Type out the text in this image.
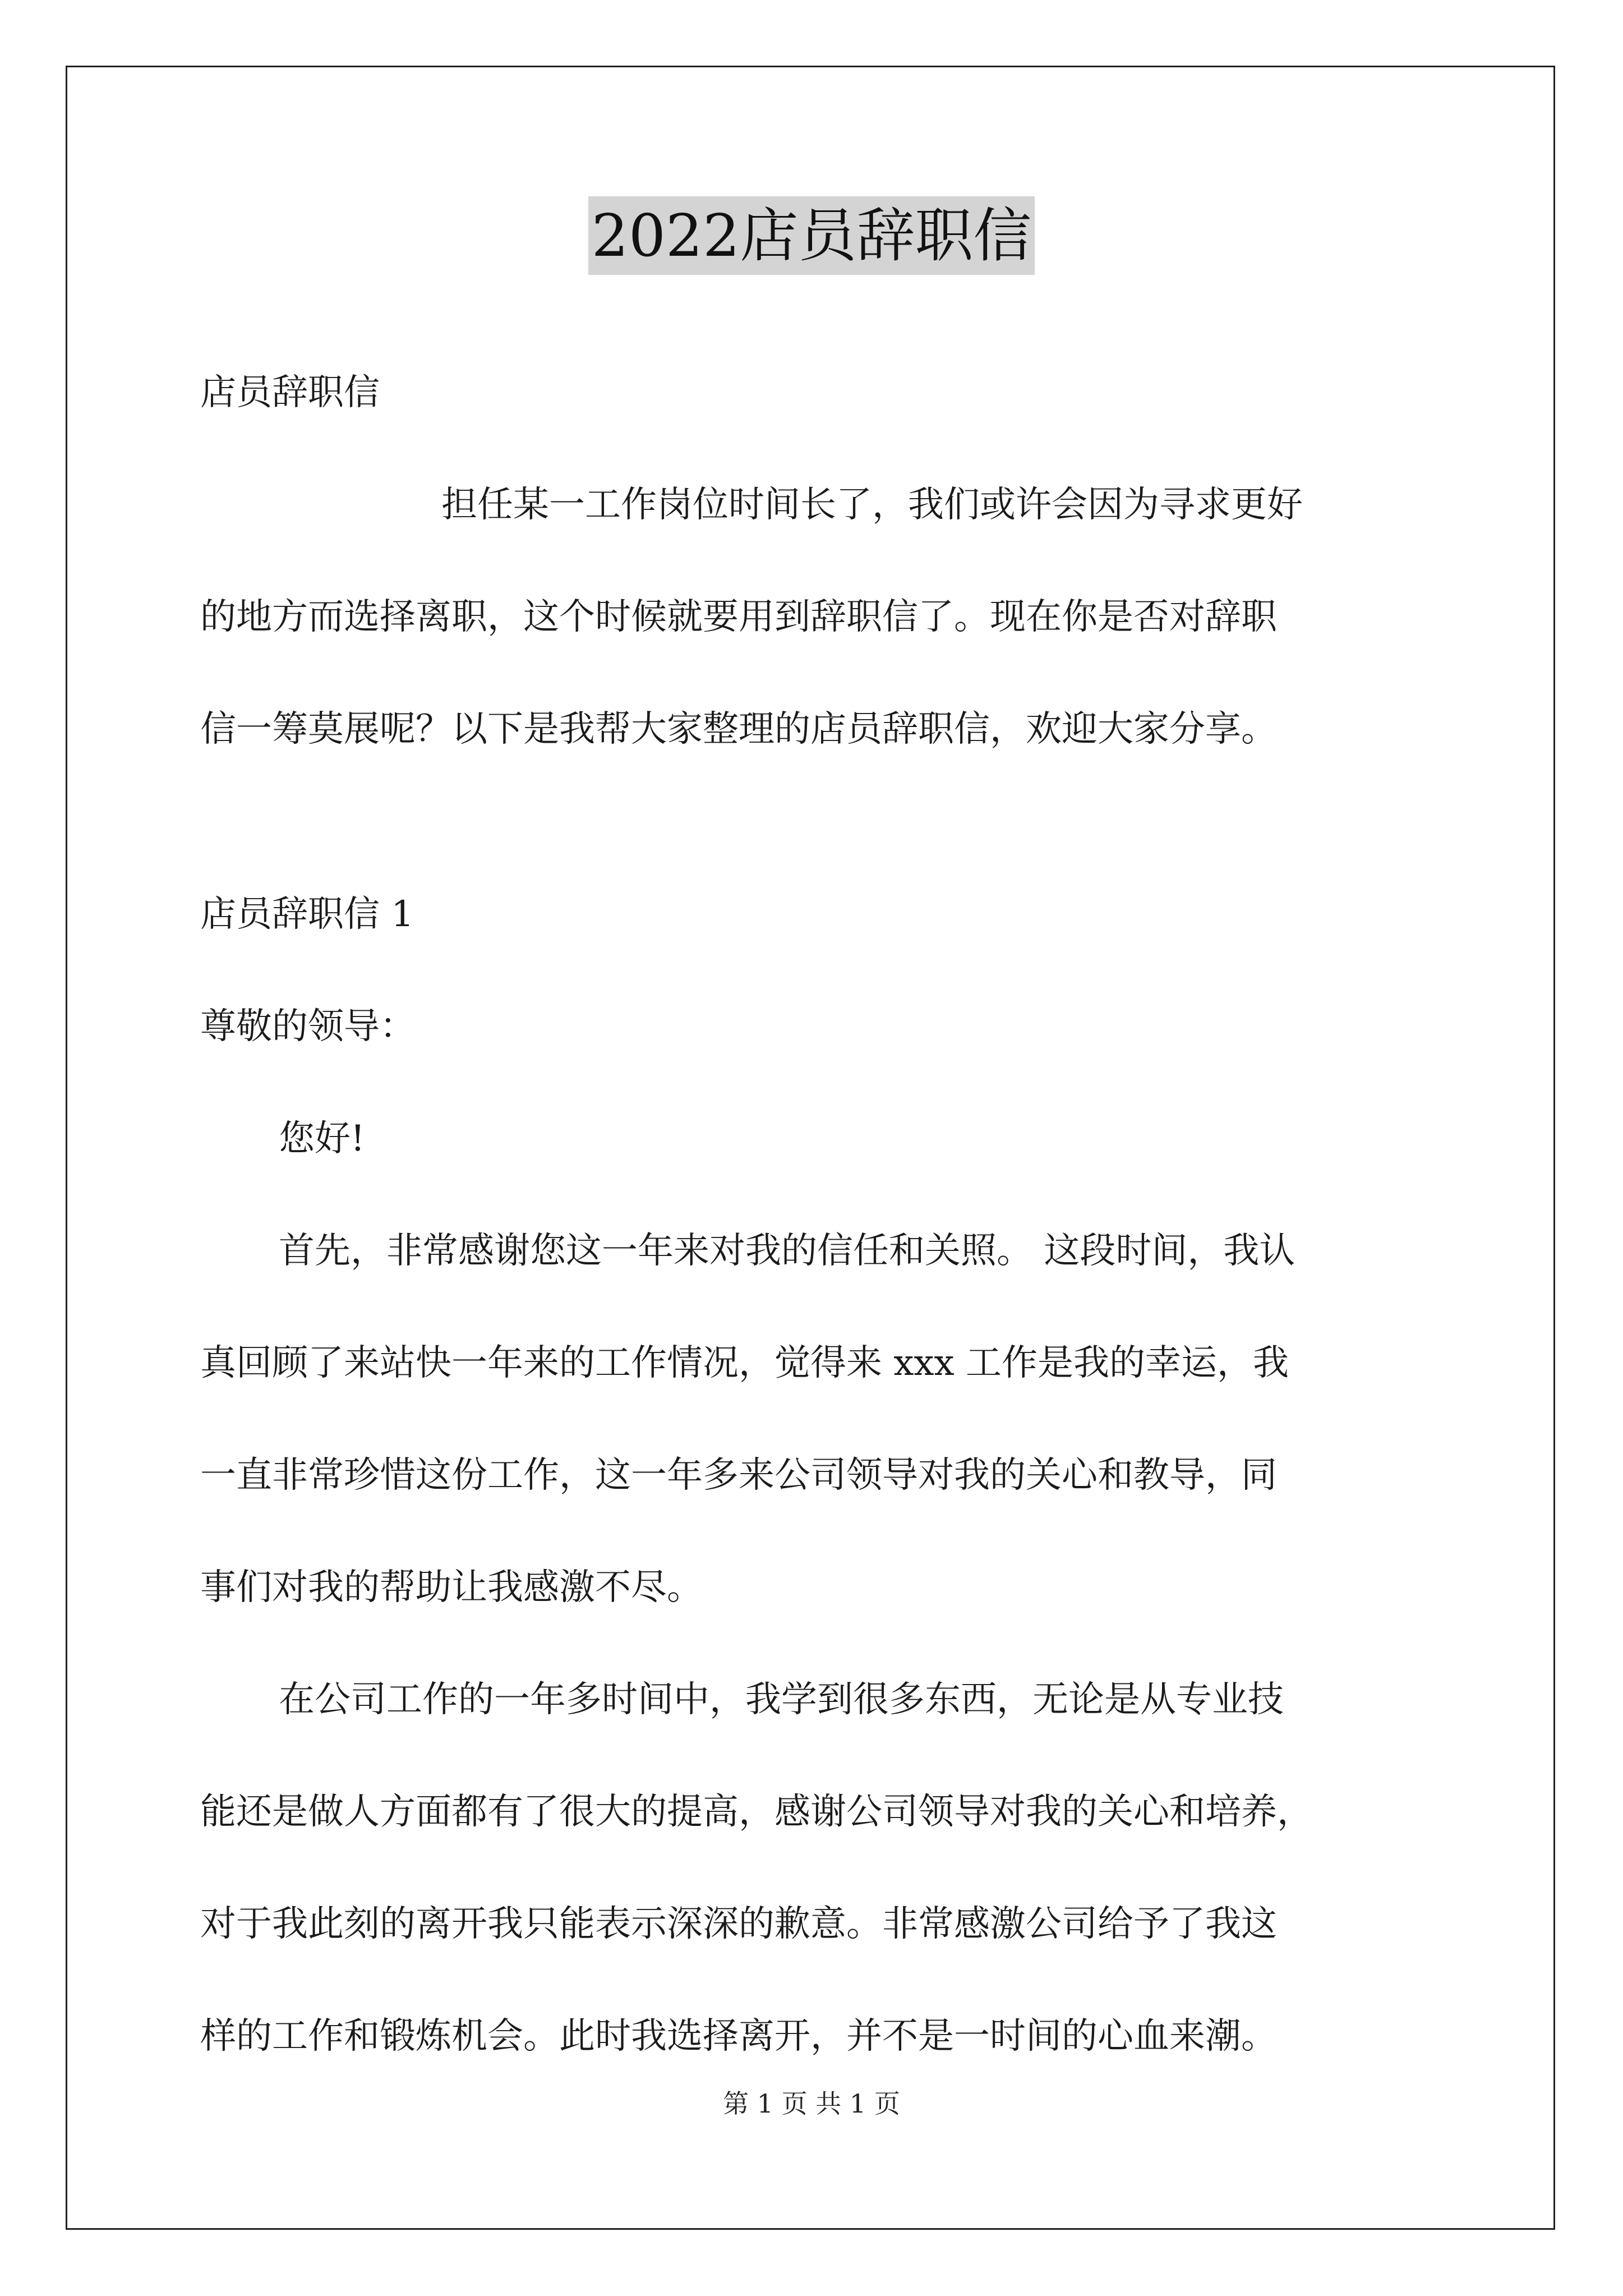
2022店员辞职信

店员辞职信

担任某一工作岗位时间长了，我们或许会因为寻求更好

的地方而选择离职，这个时候就要用到辞职信了。现在你是否对辞职

信一筹莫展呢？以下是我帮大家整理的店员辞职信，欢迎大家分享。

店员辞职信 1

尊敬的领导：

您好!

首先，非常感谢您这一年来对我的信任和关照。 这段时间，我认

真回顾了来站快一年来的工作情况，觉得来 xxx 工作是我的幸运，我

一直非常珍惜这份工作，这一年多来公司领导对我的关心和教导，同

事们对我的帮助让我感激不尽。

在公司工作的一年多时间中，我学到很多东西，无论是从专业技

能还是做人方面都有了很大的提高，感谢公司领导对我的关心和培养，

对于我此刻的离开我只能表示深深的歉意。非常感激公司给予了我这

样的工作和锻炼机会。此时我选择离开，并不是一时间的心血来潮。

第 1 页 共 1 页
